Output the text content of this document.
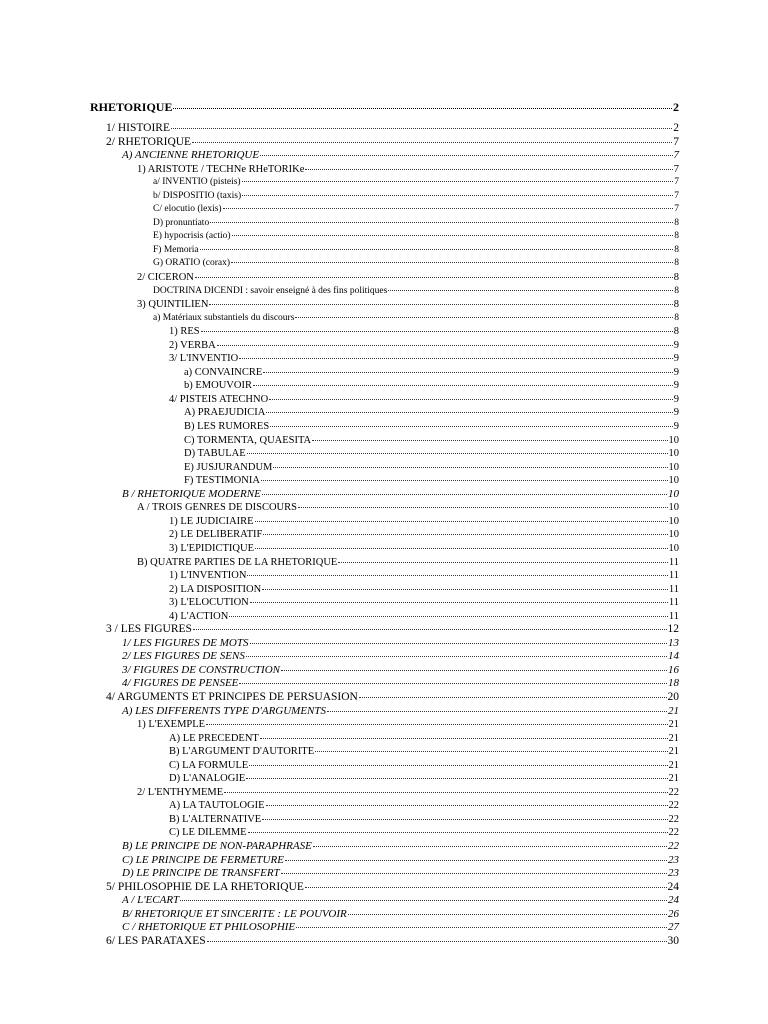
RHETORIQUE	2
1/ HISTOIRE	2
2/ RHETORIQUE	7
A) ANCIENNE RHETORIQUE	7
1) ARISTOTE / TECHNe RHeTORIKe	7
a/ INVENTIO (pisteis)	7
b/ DISPOSITIO (taxis)	7
C/ elocutio (lexis)	7
D) pronuntiato	8
E) hypocrisis (actio)	8
F) Memoria	8
G) ORATIO (corax)	8
2/ CICERON	8
DOCTRINA DICENDI : savoir enseigné à des fins politiques	8
3) QUINTILIEN	8
a) Matériaux substantiels du discours	8
1) RES	8
2) VERBA	9
3/ L'INVENTIO	9
a) CONVAINCRE	9
b) EMOUVOIR	9
4/ PISTEIS ATECHNO	9
A) PRAEJUDICIA	9
B) LES RUMORES	9
C) TORMENTA, QUAESITA	10
D) TABULAE	10
E) JUSJURANDUM	10
F) TESTIMONIA	10
B / RHETORIQUE MODERNE	10
A / TROIS GENRES DE DISCOURS	10
1) LE JUDICIAIRE	10
2) LE DELIBERATIF	10
3) L'EPIDICTIQUE	10
B) QUATRE PARTIES DE LA RHETORIQUE	11
1) L'INVENTION	11
2) LA DISPOSITION	11
3) L'ELOCUTION	11
4) L'ACTION	11
3 / LES FIGURES	12
1/ LES FIGURES DE MOTS	13
2/ LES FIGURES DE SENS	14
3/ FIGURES DE CONSTRUCTION	16
4/ FIGURES DE PENSEE	18
4/ ARGUMENTS ET PRINCIPES DE PERSUASION	20
A) LES DIFFERENTS TYPE D'ARGUMENTS	21
1) L'EXEMPLE	21
A) LE PRECEDENT	21
B) L'ARGUMENT D'AUTORITE	21
C) LA FORMULE	21
D) L'ANALOGIE	21
2/ L'ENTHYMEME	22
A) LA TAUTOLOGIE	22
B) L'ALTERNATIVE	22
C) LE DILEMME	22
B) LE PRINCIPE DE NON-PARAPHRASE	22
C) LE PRINCIPE DE FERMETURE	23
D) LE PRINCIPE DE TRANSFERT	23
5/ PHILOSOPHIE DE LA RHETORIQUE	24
A / L'ECART	24
B/ RHETORIQUE ET SINCERITE : LE POUVOIR	26
C / RHETORIQUE ET PHILOSOPHIE	27
6/ LES PARATAXES	30
